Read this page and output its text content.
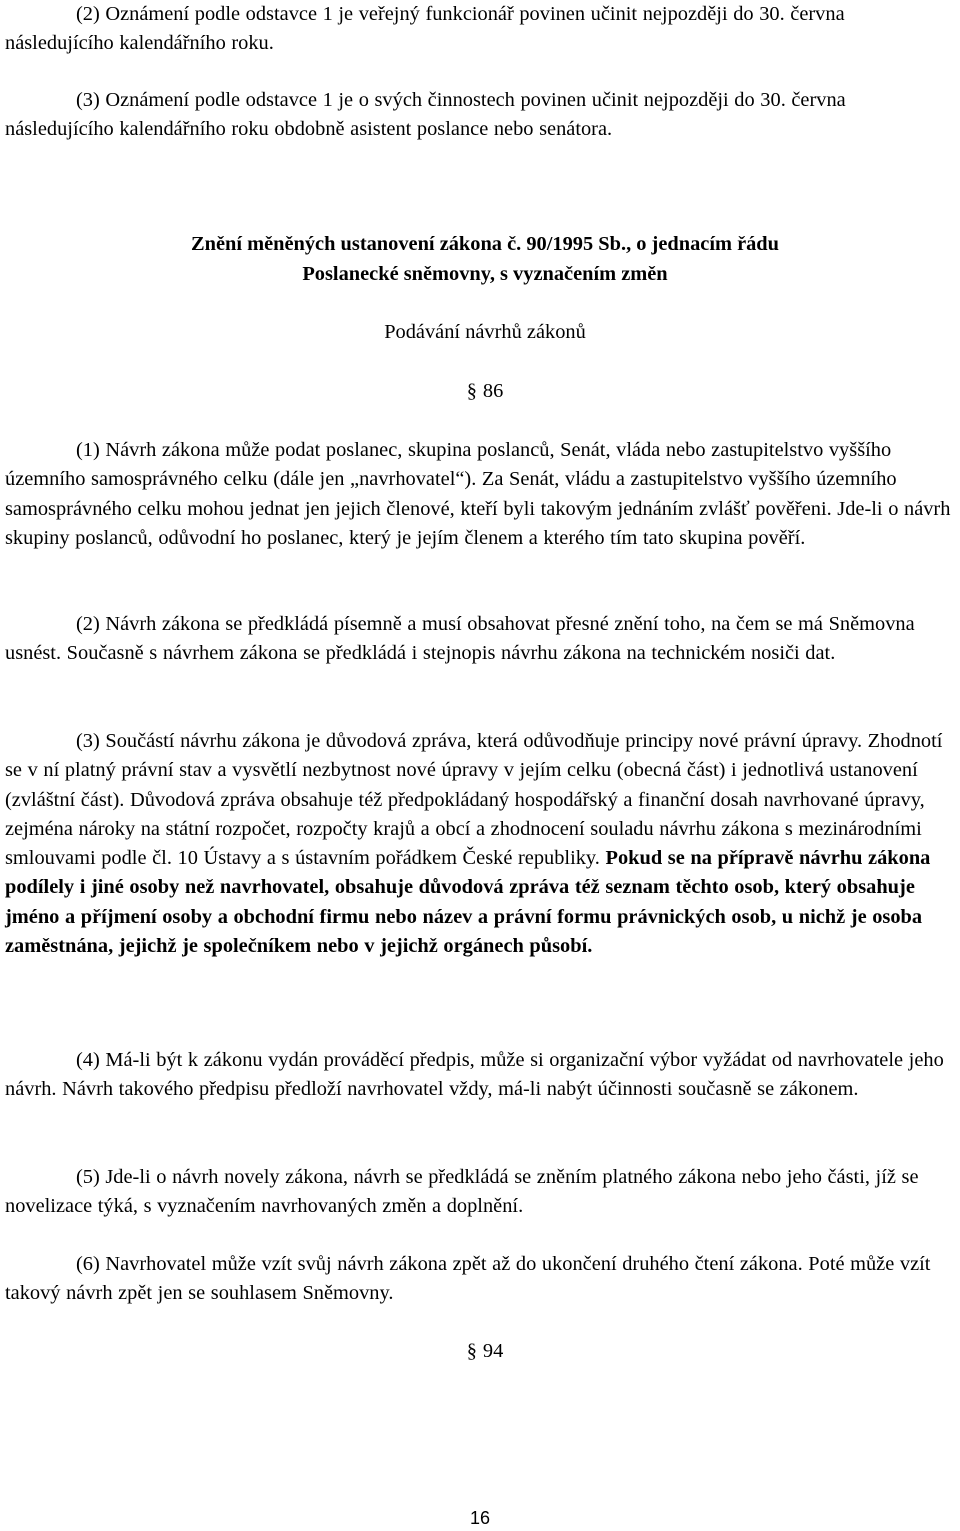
(2) Oznámení podle odstavce 1 je veřejný funkcionář povinen učinit nejpozději do 30. června následujícího kalendářního roku.

(3) Oznámení podle odstavce 1 je o svých činnostech povinen učinit nejpozději do 30. června následujícího kalendářního roku obdobně asistent poslance nebo senátora.

Znění měněných ustanovení zákona č. 90/1995 Sb., o jednacím řádu Poslanecké sněmovny, s vyznačením změn

Podávání návrhů zákonů

§ 86

(1) Návrh zákona může podat poslanec, skupina poslanců, Senát, vláda nebo zastupitelstvo vyššího územního samosprávného celku (dále jen „navrhovatel“). Za Senát, vládu a zastupitelstvo vyššího územního samosprávného celku mohou jednat jen jejich členové, kteří byli takovým jednáním zvlášť pověřeni. Jde-li o návrh skupiny poslanců, odůvodní ho poslanec, který je jejím členem a kterého tím tato skupina pověří.

(2) Návrh zákona se předkládá písemně a musí obsahovat přesné znění toho, na čem se má Sněmovna usnést. Současně s návrhem zákona se předkládá i stejnopis návrhu zákona na technickém nosiči dat.

(3) Součástí návrhu zákona je důvodová zpráva, která odůvodňuje principy nové právní úpravy. Zhodnotí se v ní platný právní stav a vysvětlí nezbytnost nové úpravy v jejím celku (obecná část) i jednotlivá ustanovení (zvláštní část). Důvodová zpráva obsahuje též předpokládaný hospodářský a finanční dosah navrhované úpravy, zejména nároky na státní rozpočet, rozpočty krajů a obcí a zhodnocení souladu návrhu zákona s mezinárodními smlouvami podle čl. 10 Ústavy a s ústavním pořádkem České republiky. Pokud se na přípravě návrhu zákona podílely i jiné osoby než navrhovatel, obsahuje důvodová zpráva též seznam těchto osob, který obsahuje jméno a příjmení osoby a obchodní firmu nebo název a právní formu právnických osob, u nichž je osoba zaměstnána, jejichž je společníkem nebo v jejichž orgánech působí.

(4) Má-li být k zákonu vydán prováděcí předpis, může si organizační výbor vyžádat od navrhovatele jeho návrh. Návrh takového předpisu předloží navrhovatel vždy, má-li nabýt účinnosti současně se zákonem.

(5) Jde-li o návrh novely zákona, návrh se předkládá se zněním platného zákona nebo jeho části, jíž se novelizace týká, s vyznačením navrhovaných změn a doplnění.

(6) Navrhovatel může vzít svůj návrh zákona zpět až do ukončení druhého čtení zákona. Poté může vzít takový návrh zpět jen se souhlasem Sněmovny.

§ 94

16
